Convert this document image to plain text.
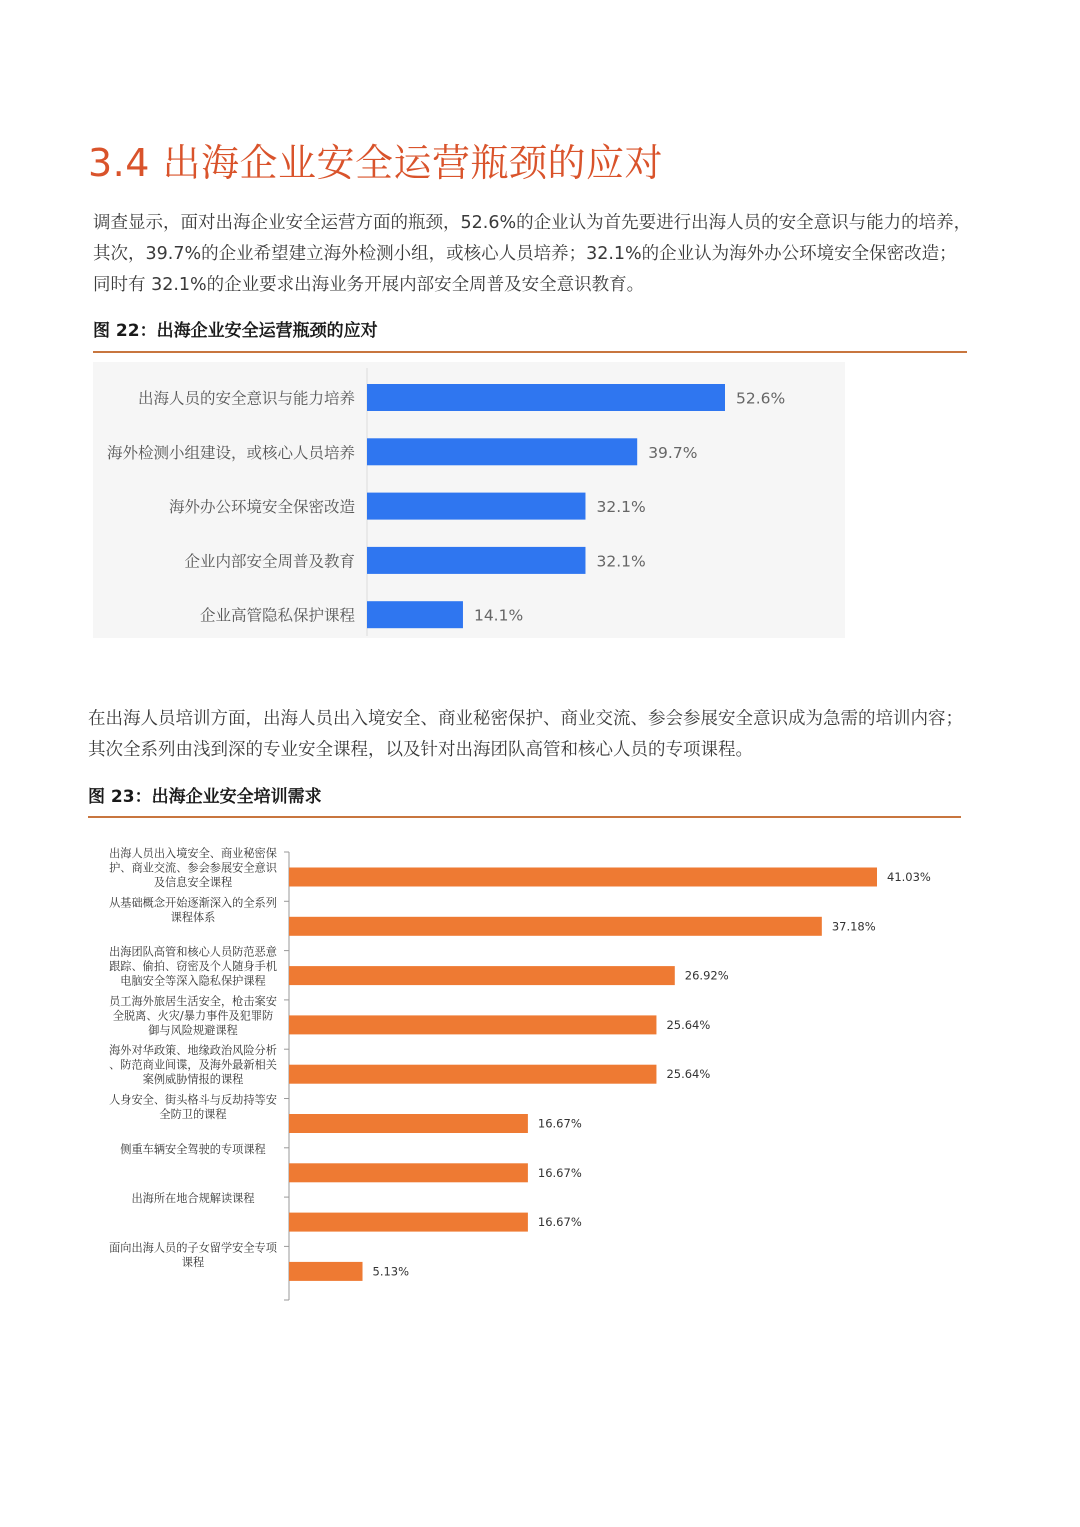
3.4 出海企业安全运营瓶颈的应对
调查显示，面对出海企业安全运营方面的瓶颈，52.6%的企业认为首先要进行出海人员的安全意识与能力的培养，其次，39.7%的企业希望建立海外检测小组，或核心人员培养；32.1%的企业认为海外办公环境安全保密改造；同时有 32.1%的企业要求出海业务开展内部安全周普及安全意识教育。
图 22：出海企业安全运营瓶颈的应对
出海人员的安全意识与能力培养	52.6%
海外检测小组建设，或核心人员培养	39.7%
海外办公环境安全保密改造	32.1%
企业内部安全周普及教育	32.1%
企业高管隐私保护课程	14.1%
在出海人员培训方面，出海人员出入境安全、商业秘密保护、商业交流、参会参展安全意识成为急需的培训内容；其次全系列由浅到深的专业安全课程，以及针对出海团队高管和核心人员的专项课程。
图 23：出海企业安全培训需求
41.03%
出海人员出入境安全、商业秘密保
护、商业交流、参会参展安全意识
及信息安全课程
37.18%
从基础概念开始逐渐深入的全系列
课程体系
26.92%
出海团队高管和核心人员防范恶意
跟踪、偷拍、窃密及个人随身手机
电脑安全等深入隐私保护课程
25.64%
员工海外旅居生活安全，枪击案安
全脱离、火灾/暴力事件及犯罪防
御与风险规避课程
25.64%
海外对华政策、地缘政治风险分析
、防范商业间谍，及海外最新相关
案例威胁情报的课程
16.67%
人身安全、街头格斗与反劫持等安
全防卫的课程
16.67%
侧重车辆安全驾驶的专项课程
16.67%
出海所在地合规解读课程
5.13%
面向出海人员的子女留学安全专项
课程
